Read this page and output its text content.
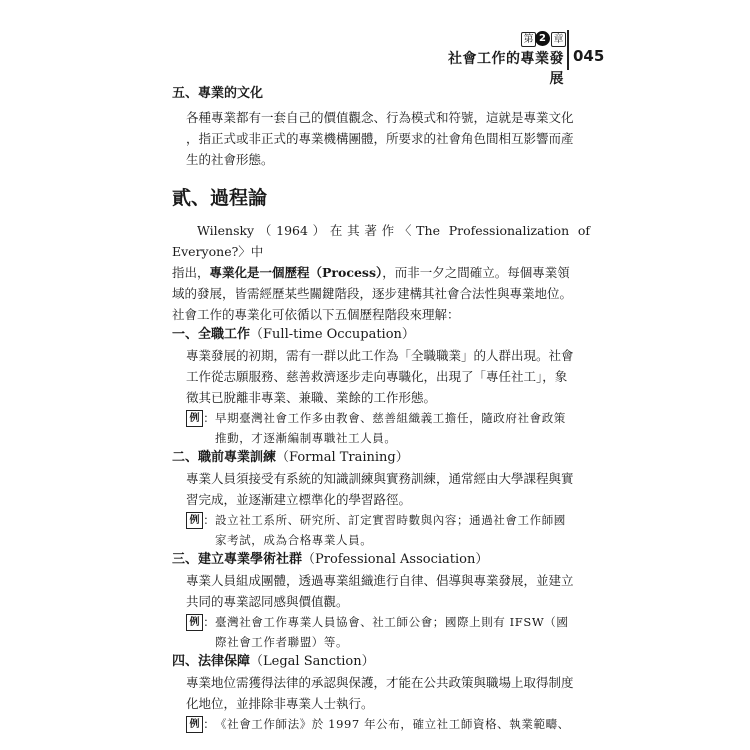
第 2 章
社會工作的專業發展
045

五、專業的文化

各種專業都有一套自己的價值觀念、行為模式和符號，這就是專業文化

，指正式或非正式的專業機構團體，所要求的社會角色間相互影響而產

生的社會形態。

貳、過程論

Wilensky（1964）在其著作〈The Professionalization of Everyone?〉中

指出，專業化是一個歷程（Process），而非一夕之間確立。每個專業領

域的發展，皆需經歷某些關鍵階段，逐步建構其社會合法性與專業地位。

社會工作的專業化可依循以下五個歷程階段來理解：

一、全職工作（Full-time Occupation）

專業發展的初期，需有一群以此工作為「全職職業」的人群出現。社會

工作從志願服務、慈善救濟逐步走向專職化，出現了「專任社工」，象

徵其已脫離非專業、兼職、業餘的工作形態。

例 ： 早期臺灣社會工作多由教會、慈善組織義工擔任，隨政府社會政策
推動，才逐漸編制專職社工人員。

二、職前專業訓練（Formal Training）

專業人員須接受有系統的知識訓練與實務訓練，通常經由大學課程與實

習完成，並逐漸建立標準化的學習路徑。

例 ： 設立社工系所、研究所、訂定實習時數與內容；通過社會工作師國
家考試，成為合格專業人員。

三、建立專業學術社群（Professional Association）

專業人員組成團體，透過專業組織進行自律、倡導與專業發展，並建立

共同的專業認同感與價值觀。

例 ： 臺灣社會工作專業人員協會、社工師公會；國際上則有 IFSW（國
際社會工作者聯盟）等。

四、法律保障（Legal Sanction）

專業地位需獲得法律的承認與保護，才能在公共政策與職場上取得制度

化地位，並排除非專業人士執行。

例 ： 《社會工作師法》於 1997 年公布，確立社工師資格、執業範疇、
